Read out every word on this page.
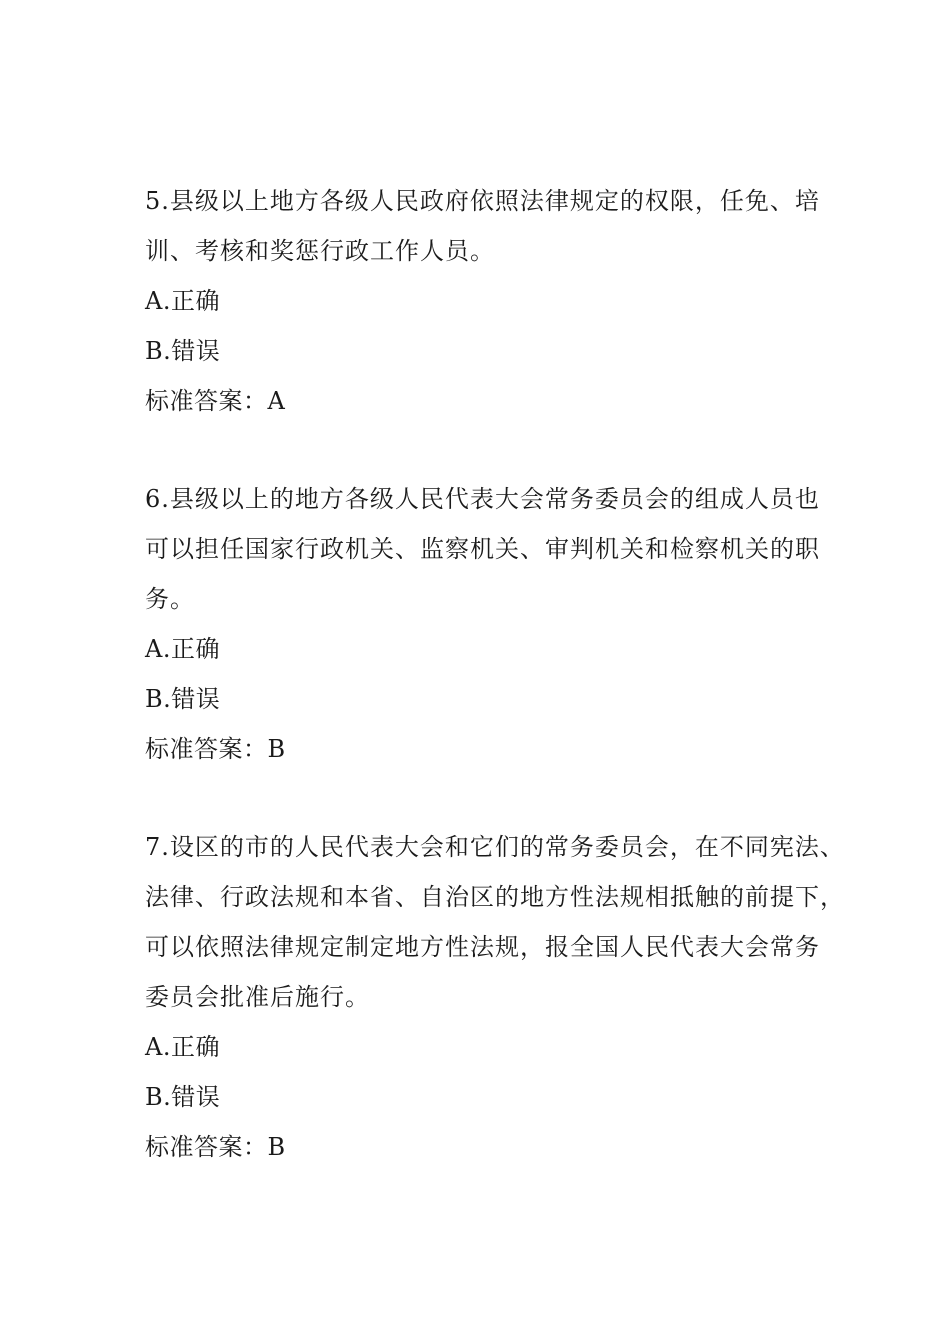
5.县级以上地方各级人民政府依照法律规定的权限，任免、培
训、考核和奖惩行政工作人员。
A.正确
B.错误
标准答案：A
6.县级以上的地方各级人民代表大会常务委员会的组成人员也
可以担任国家行政机关、监察机关、审判机关和检察机关的职
务。
A.正确
B.错误
标准答案：B
7.设区的市的人民代表大会和它们的常务委员会，在不同宪法、
法律、行政法规和本省、自治区的地方性法规相抵触的前提下，
可以依照法律规定制定地方性法规，报全国人民代表大会常务
委员会批准后施行。
A.正确
B.错误
标准答案：B
